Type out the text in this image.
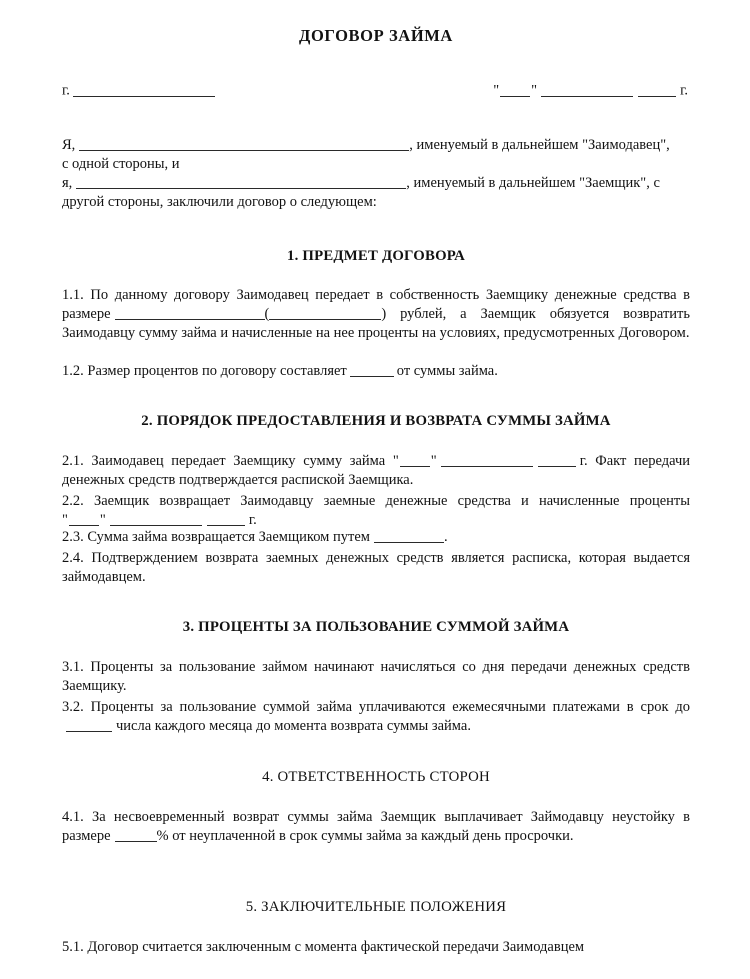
ДОГОВОР ЗАЙМА
г.	" "	г.
Я,	, именуемый в дальнейшем "Заимодавец",
с одной стороны, и
я,	, именуемый в дальнейшем "Заемщик", с
другой стороны, заключили договор о следующем:
1. ПРЕДМЕТ ДОГОВОРА
1.1. По данному договору Заимодавец передает в собственность Заемщику денежные средства в размере	(	) рублей, а Заемщик обязуется возвратить Заимодавцу сумму займа и начисленные на нее проценты на условиях, предусмотренных Договором.
1.2. Размер процентов по договору составляет	от суммы займа.
2. ПОРЯДОК ПРЕДОСТАВЛЕНИЯ И ВОЗВРАТА СУММЫ ЗАЙМА
2.1. Заимодавец передает Заемщику сумму займа " "	г. Факт передачи денежных средств подтверждается распиской Заемщика.
2.2. Заемщик возвращает Заимодавцу заемные денежные средства и начисленные проценты " "	г.
2.3. Сумма займа возвращается Заемщиком путем	.
2.4. Подтверждением возврата заемных денежных средств является расписка, которая выдается займодавцем.
3. ПРОЦЕНТЫ ЗА ПОЛЬЗОВАНИЕ СУММОЙ ЗАЙМА
3.1. Проценты за пользование займом начинают начисляться со дня передачи денежных средств Заемщику.
3.2. Проценты за пользование суммой займа уплачиваются ежемесячными платежами в срок дочисла каждого месяца до момента возврата суммы займа.
4. ОТВЕТСТВЕННОСТЬ СТОРОН
4.1. За несвоевременный возврат суммы займа Заемщик выплачивает Займодавцу неустойку в размере	% от неуплаченной в срок суммы займа за каждый день просрочки.
5. ЗАКЛЮЧИТЕЛЬНЫЕ ПОЛОЖЕНИЯ
5.1. Договор считается заключенным с момента фактической передачи Заимодавцем
